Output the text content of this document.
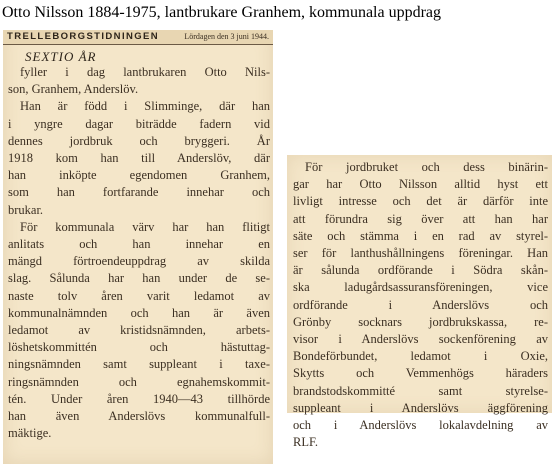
Otto Nilsson 1884-1975, lantbrukare Granhem, kommunala uppdrag
TRELLEBORGSTIDNINGEN	Lördagen den 3 juni 1944.
SEXTIO ÅR
fyller i dag lantbrukaren Otto Nils-
son, Granhem, Anderslöv.
Han är född i Slimminge, där han
i yngre dagar biträdde fadern vid
dennes jordbruk och bryggeri. År
1918 kom han till Anderslöv, där
han inköpte egendomen Granhem,
som han fortfarande innehar och
brukar.
För kommunala värv har han flitigt
anlitats och han innehar en
mängd förtroendeuppdrag av skilda
slag. Sålunda har han under de se-
naste tolv åren varit ledamot av
kommunalnämnden och han är även
ledamot av kristidsnämnden, arbets-
löshetskommittén och hästuttag-
ningsnämnden samt suppleant i taxe-
ringsnämnden och egnahemskommit-
tén. Under åren 1940—43 tillhörde
han även Anderslövs kommunalfull-
mäktige.
För jordbruket och dess binärin-
gar har Otto Nilsson alltid hyst ett
livligt intresse och det är därför inte
att förundra sig över att han har
säte och stämma i en rad av styrel-
ser för lanthushållningens föreningar. Han
är sålunda ordförande i Södra skån-
ska ladugårdsassuransföreningen, vice
ordförande i Anderslövs och
Grönby socknars jordbrukskassa, re-
visor i Anderslövs sockenförening av
Bondeförbundet, ledamot i Oxie,
Skytts och Vemmenhögs häraders
brandstodskommitté samt styrelse-
suppleant i Anderslövs äggförening
och i Anderslövs lokalavdelning av
RLF.
